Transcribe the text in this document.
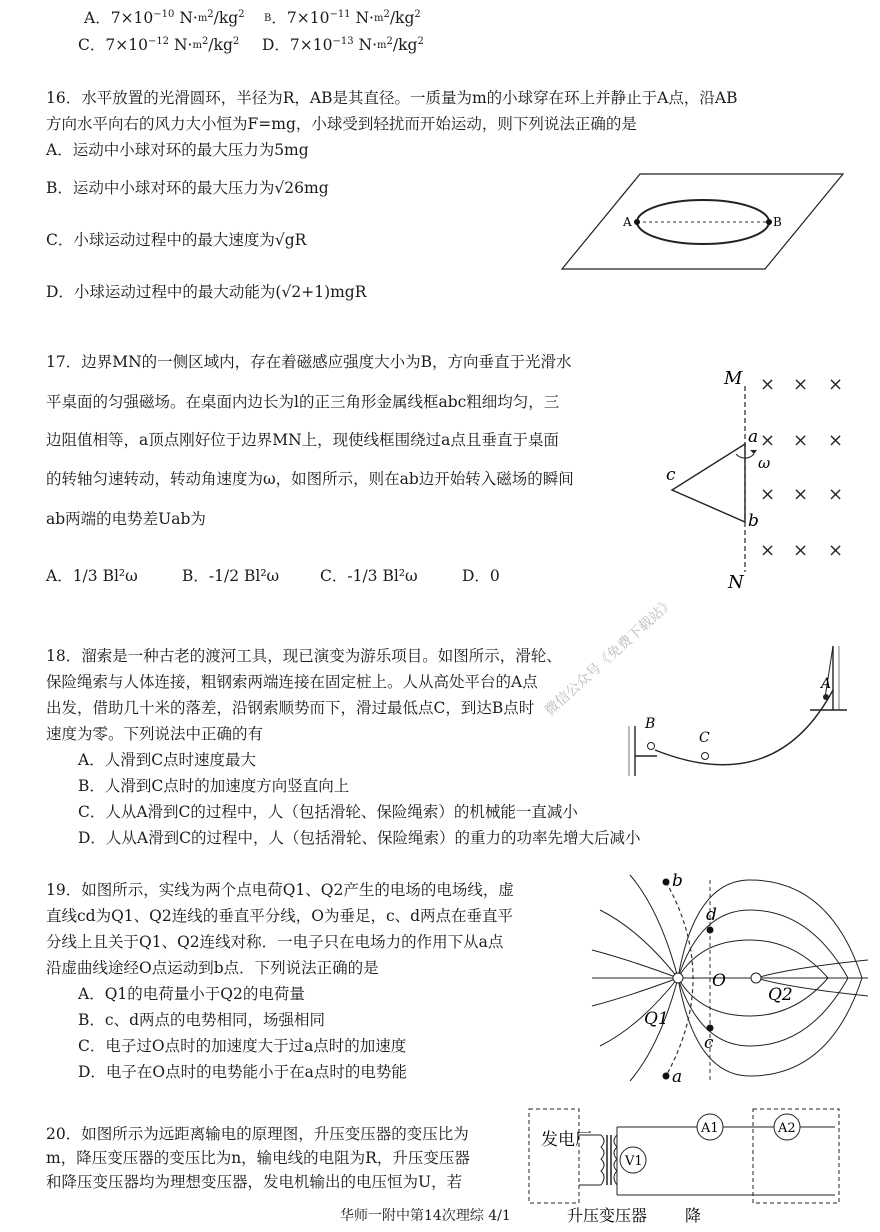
A．$7\times 10^{-10}$ $N\cdot m^2/kg^2$ B．$7\times 10^{-11}$ $N\cdot m^2/kg^2$
C．$7\times 10^{-12}$ $N\cdot m^2/kg^2$ D．$7\times 10^{-13}$ $N\cdot m^2/kg^2$
16．水平放置的光滑圆环，半径为R，AB是其直径。一质量为m的小球穿在环上并静止于A点，沿AB
方向水平向右的风力大小恒为F=mg，小球受到轻扰而开始运动，则下列说法正确的是
A．运动中小球对环的最大压力为5mg
B．运动中小球对环的最大压力为√26mg
C．小球运动过程中的最大速度为√gR
D．小球运动过程中的最大动能为(√2+1)mgR
A	B
17．边界MN的一侧区域内，存在着磁感应强度大小为B，方向垂直于光滑水
平桌面的匀强磁场。在桌面内边长为l的正三角形金属线框abc粗细均匀，三
边阻值相等，a顶点刚好位于边界MN上，现使线框围绕过a点且垂直于桌面
的转轴匀速转动，转动角速度为ω，如图所示，则在ab边开始转入磁场的瞬间
ab两端的电势差Uab为
A．1/3 Bl²ω	B．-1/2 Bl²ω	C．-1/3 Bl²ω	D．0
M
N
× × ×
× × ×
× × ×
× × ×
a
ω
b
c
18．溜索是一种古老的渡河工具，现已演变为游乐项目。如图所示，滑轮、
保险绳索与人体连接，粗钢索两端连接在固定桩上。人从高处平台的A点
出发，借助几十米的落差，沿钢索顺势而下，滑过最低点C，到达B点时
速度为零。下列说法中正确的有
A．人滑到C点时速度最大
B．人滑到C点时的加速度方向竖直向上
C．人从A滑到C的过程中，人（包括滑轮、保险绳索）的机械能一直减小
D．人从A滑到C的过程中，人（包括滑轮、保险绳索）的重力的功率先增大后减小
微信公众号《免费下载站》	A
B
C
19．如图所示，实线为两个点电荷Q1、Q2产生的电场的电场线，虚
直线cd为Q1、Q2连线的垂直平分线，O为垂足，c、d两点在垂直平
分线上且关于Q1、Q2连线对称．一电子只在电场力的作用下从a点
沿虚曲线途经O点运动到b点．下列说法正确的是
A．Q1的电荷量小于Q2的电荷量
B．c、d两点的电势相同，场强相同
C．电子过O点时的加速度大于过a点时的加速度
D．电子在O点时的电势能小于在a点时的电势能
Q1
Q2
O
d
c
b
a
20．如图所示为远距离输电的原理图，升压变压器的变压比为
m，降压变压器的变压比为n，输电线的电阻为R，升压变压器
和降压变压器均为理想变压器，发电机输出的电压恒为U，若
发电厂
V1
A1	A2
升压变压器 降
华师一附中第14次理综 4/1
